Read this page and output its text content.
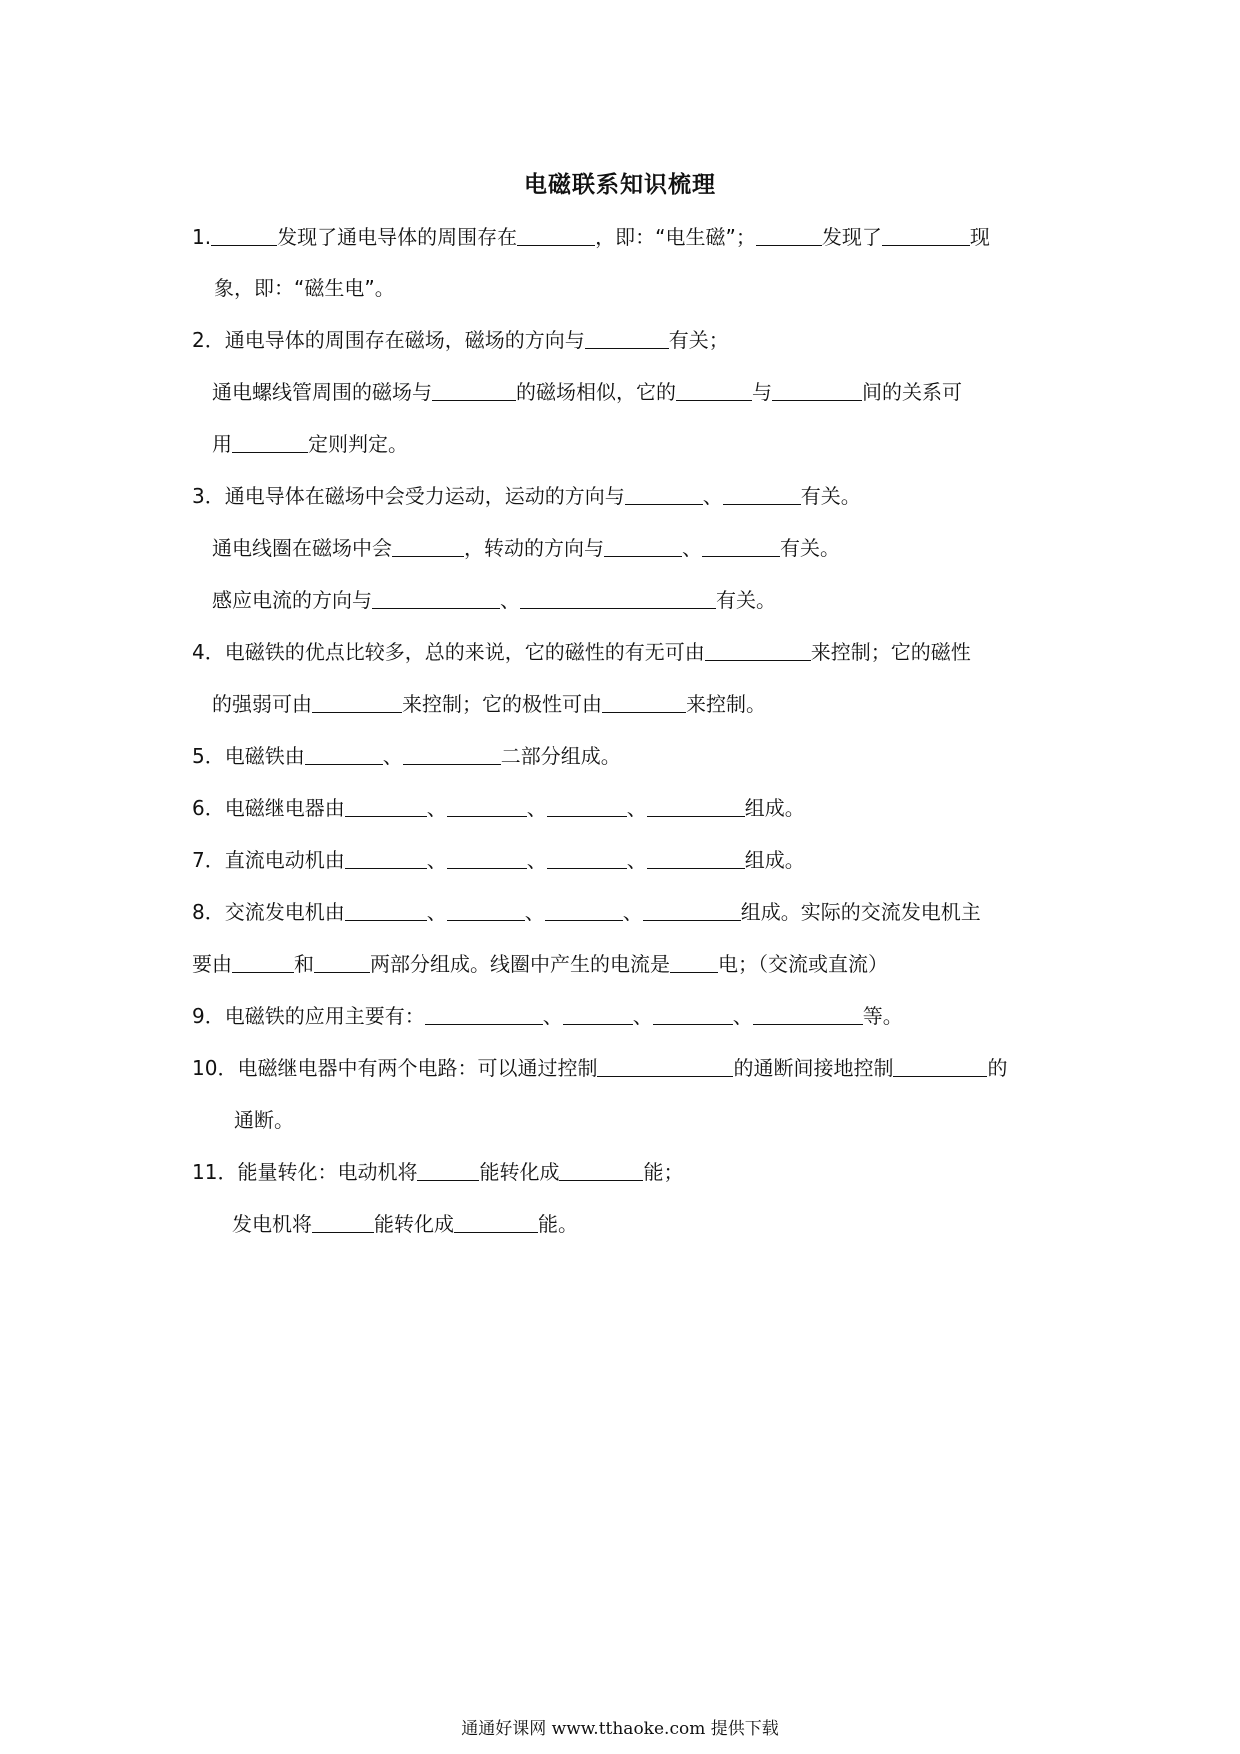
电磁联系知识梳理
1.	发现了通电导体的周围存在	，即：“电生磁”；	发现了	现
象，即：“磁生电”。
2．通电导体的周围存在磁场，磁场的方向与	有关；
通电螺线管周围的磁场与	的磁场相似，它的	与	间的关系可
用	定则判定。
3．通电导体在磁场中会受力运动，运动的方向与	、	有关。
通电线圈在磁场中会	，转动的方向与	、	有关。
感应电流的方向与	、	有关。
4．电磁铁的优点比较多，总的来说，它的磁性的有无可由	来控制；它的磁性
的强弱可由	来控制；它的极性可由	来控制。
5．电磁铁由	、	二部分组成。
6．电磁继电器由	、	、	、	组成。
7．直流电动机由	、	、	、	组成。
8．交流发电机由	、	、	、	组成。实际的交流发电机主
要由	和	两部分组成。线圈中产生的电流是 电；（交流或直流）
9．电磁铁的应用主要有：	、	、	、	等。
10．电磁继电器中有两个电路：可以通过控制	的通断间接地控制	的
通断。
11．能量转化：电动机将	能转化成	能；
发电机将	能转化成	能。
通通好课网 www.tthaoke.com 提供下载
